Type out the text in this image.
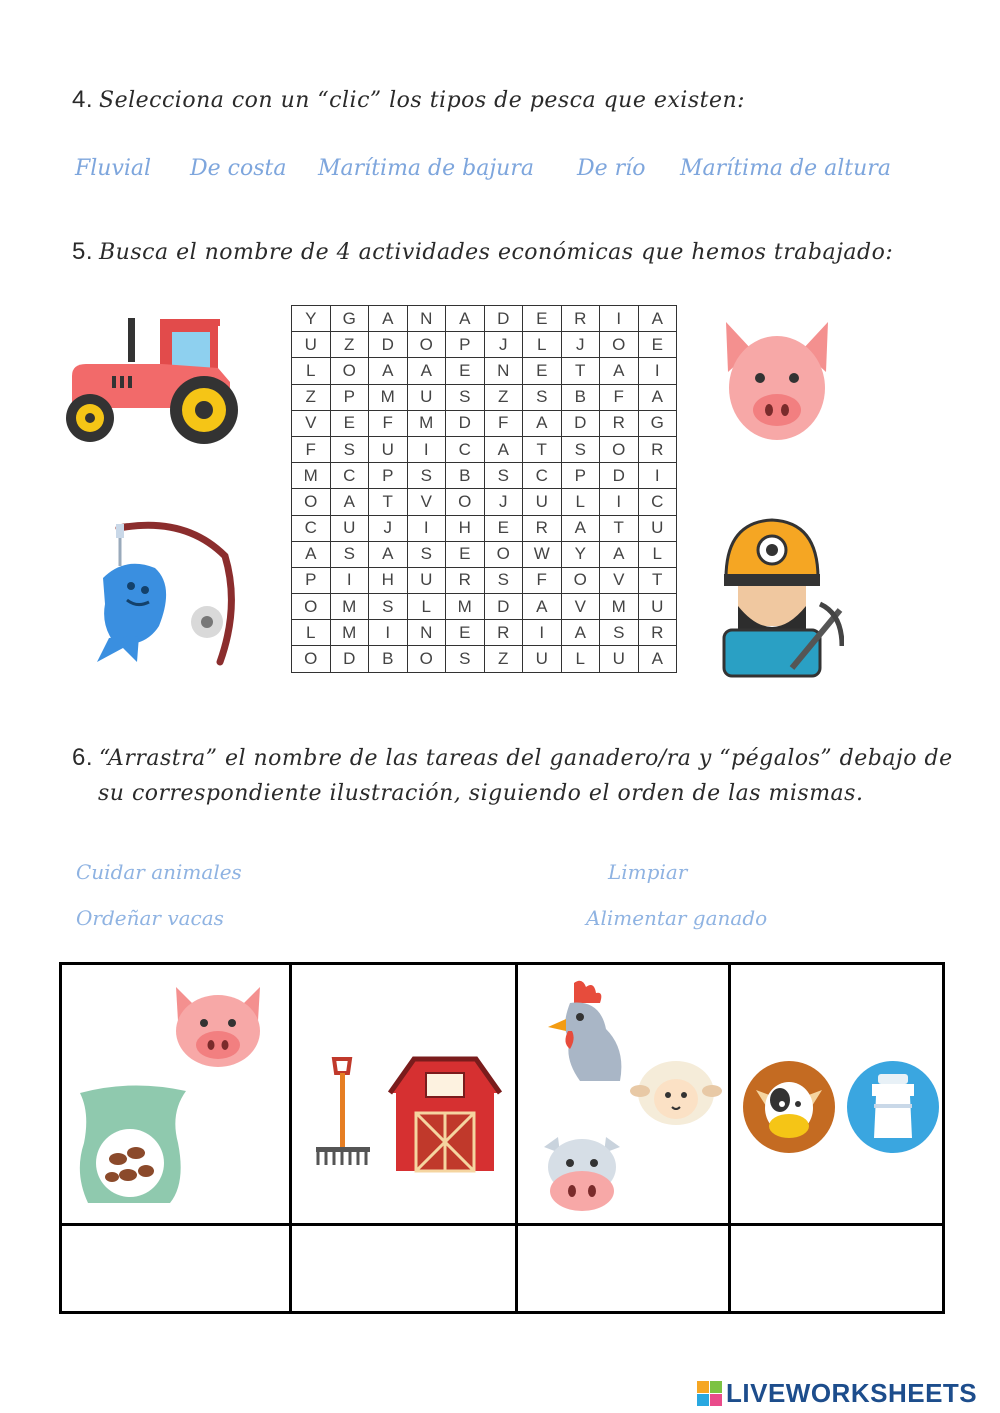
4. Selecciona con un “clic” los tipos de pesca que existen:
Fluvial De costa Marítima de bajura De río Marítima de altura
5. Busca el nombre de 4 actividades económicas que hemos trabajado:
Y	G	A	N	A	D	E	R	I	A
U	Z	D	O	P	J	L	J	O	E
L	O	A	A	E	N	E	T	A	I
Z	P	M	U	S	Z	S	B	F	A
V	E	F	M	D	F	A	D	R	G
F	S	U	I	C	A	T	S	O	R
M	C	P	S	B	S	C	P	D	I
O	A	T	V	O	J	U	L	I	C
C	U	J	I	H	E	R	A	T	U
A	S	A	S	E	O	W	Y	A	L
P	I	H	U	R	S	F	O	V	T
O	M	S	L	M	D	A	V	M	U
L	M	I	N	E	R	I	A	S	R
O	D	B	O	S	Z	U	L	U	A
6. “Arrastra” el nombre de las tareas del ganadero/ra y “pégalos” debajo de
su correspondiente ilustración, siguiendo el orden de las mismas.
Cuidar animales	Limpiar
Ordeñar vacas	Alimentar ganado
LIVEWORKSHEETS
